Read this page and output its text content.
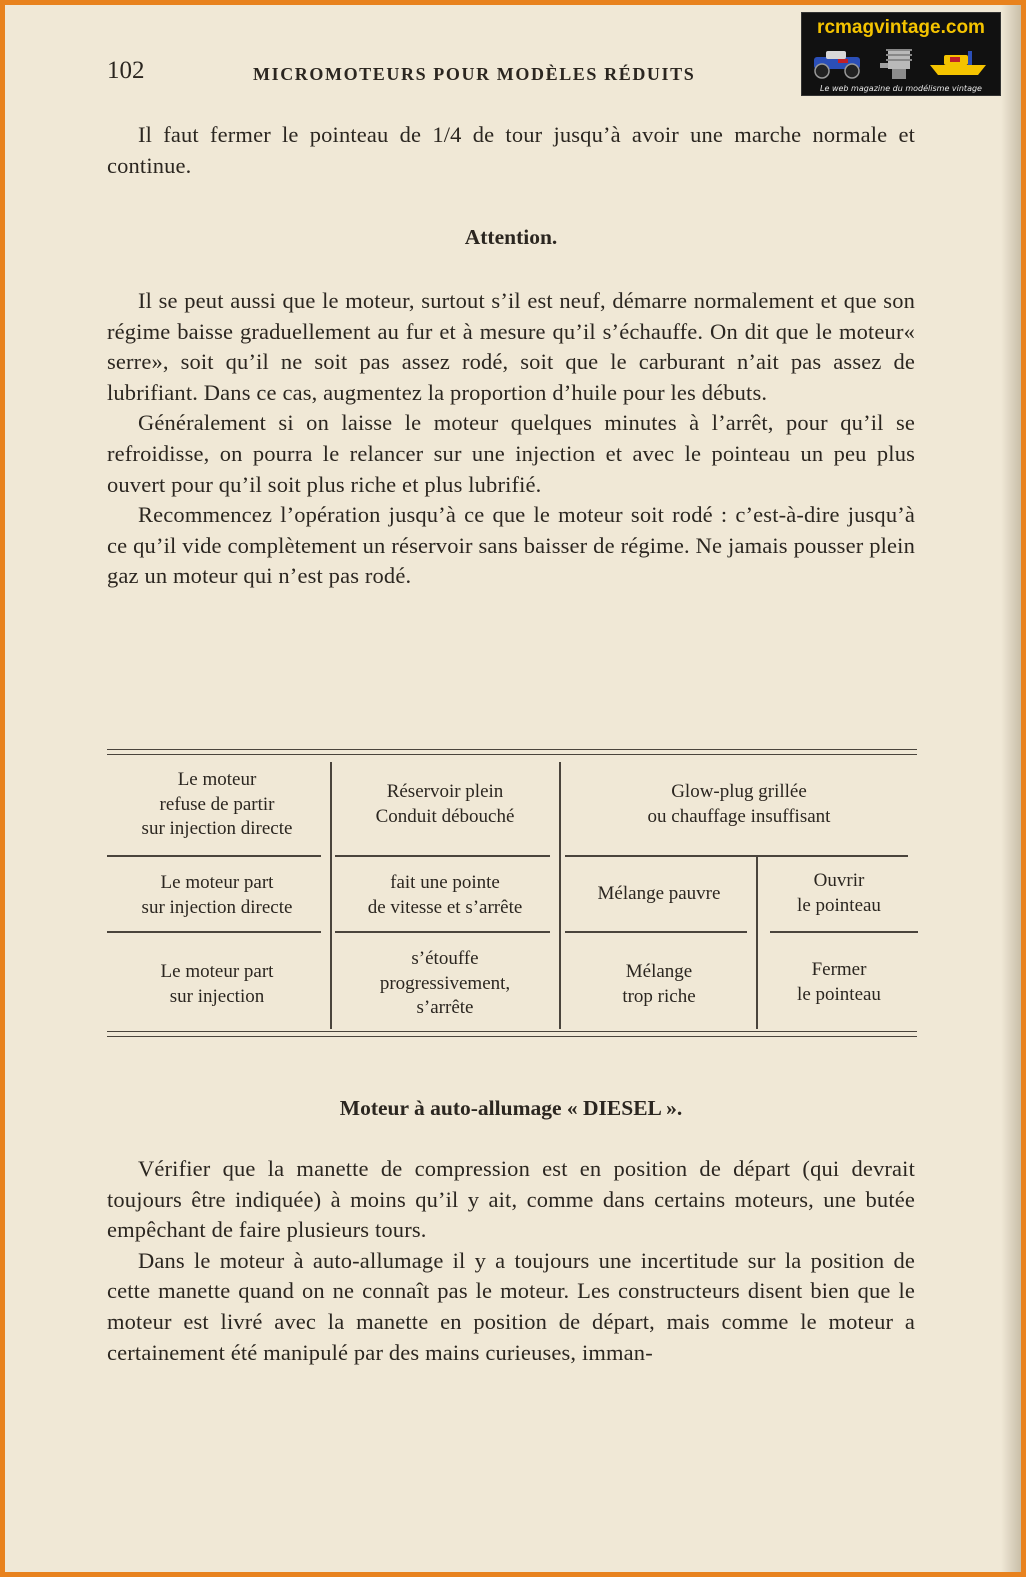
102	MICROMOTEURS POUR MODÈLES RÉDUITS

Il faut fermer le pointeau de 1/4 de tour jusqu’à avoir une marche normale et continue.

Attention.

Il se peut aussi que le moteur, surtout s’il est neuf, démarre normalement et que son régime baisse graduellement au fur et à mesure qu’il s’échauffe. On dit que le moteur« serre», soit qu’il ne soit pas assez rodé, soit que le carburant n’ait pas assez de lubrifiant. Dans ce cas, augmentez la proportion d’huile pour les débuts.

Généralement si on laisse le moteur quelques minutes à l’arrêt, pour qu’il se refroidisse, on pourra le relancer sur une injection et avec le pointeau un peu plus ouvert pour qu’il soit plus riche et plus lubrifié.

Recommencez l’opération jusqu’à ce que le moteur soit rodé : c’est-à-dire jusqu’à ce qu’il vide complètement un réservoir sans baisser de régime. Ne jamais pousser plein gaz un moteur qui n’est pas rodé.

Le moteur
refuse de partir
sur injection directe
Réservoir plein
Conduit débouché
Glow-plug grillée
ou chauffage insuffisant
Le moteur part
sur injection directe
fait une pointe
de vitesse et s’arrête
Mélange pauvre
Ouvrir
le pointeau
Le moteur part
sur injection
s’étouffe
progressivement,
s’arrête
Mélange
trop riche
Fermer
le pointeau
Moteur à auto-allumage « DIESEL ».

Vérifier que la manette de compression est en position de départ (qui devrait toujours être indiquée) à moins qu’il y ait, comme dans certains moteurs, une butée empêchant de faire plusieurs tours.

Dans le moteur à auto-allumage il y a toujours une incertitude sur la position de cette manette quand on ne connaît pas le moteur. Les constructeurs disent bien que le moteur est livré avec la manette en position de départ, mais comme le moteur a certainement été manipulé par des mains curieuses, imman-

rcmagvintage.com
Le web magazine du modélisme vintage
